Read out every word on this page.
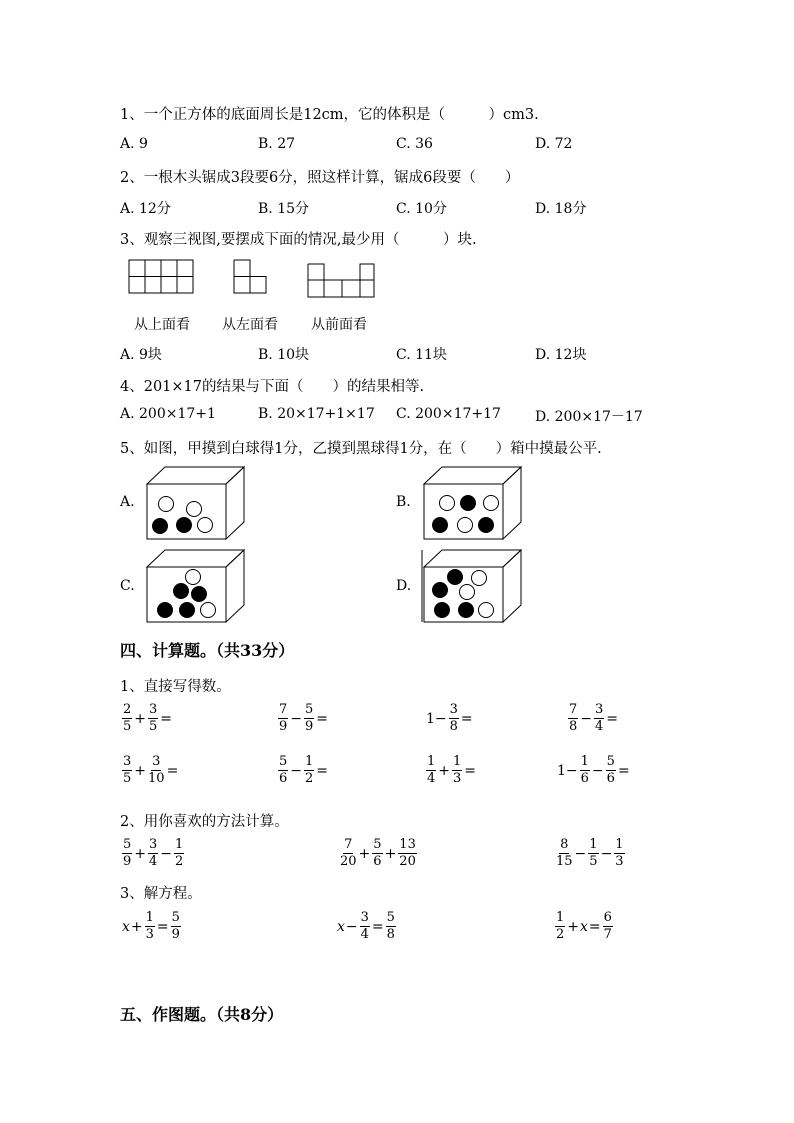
1、一个正方体的底面周长是12cm，它的体积是（　　　）cm3.
A. 9	B. 27	C. 36	D. 72
2、一根木头锯成3段要6分，照这样计算，锯成6段要（　　）
A. 12分	B. 15分	C. 10分	D. 18分
3、观察三视图,要摆成下面的情况,最少用（　　　）块.
从上面看 从左面看 从前面看
A. 9块	B. 10块	C. 11块	D. 12块
4、201×17的结果与下面（　　）的结果相等.
A. 200×17+1	B. 20×17+1×17 C. 200×17+17 D. 200×17－17
5、如图，甲摸到白球得1分，乙摸到黑球得1分，在（　　）箱中摸最公平.
A.	B.
C.	D.
四、计算题。（共33分）
1、直接写得数。
$\frac{2}{5} + \frac{3}{5}$ =	$\frac{7}{9} - \frac{5}{9}$ =	$1- \frac{3}{8}$ =	$\frac{7}{8} - \frac{3}{4}$ =
$\frac{3}{5} + \frac{3}{10}$ =	$\frac{5}{6} - \frac{1}{2}$ =	$\frac{1}{4} + \frac{1}{3}$ =	$1- \frac{1}{6} - \frac{5}{6}$ =
2、用你喜欢的方法计算。
$\frac{5}{9} + \frac{3}{4} - \frac{1}{2}$	$\frac{7}{20} + \frac{5}{6} + \frac{13}{20}$	$\frac{8}{15} - \frac{1}{5} - \frac{1}{3}$
3、解方程。
$x + \frac{1}{3} = \frac{5}{9}$	$x - \frac{3}{4} = \frac{5}{8}$	$\frac{1}{2} + x = \frac{6}{7}$
五、作图题。（共8分）
